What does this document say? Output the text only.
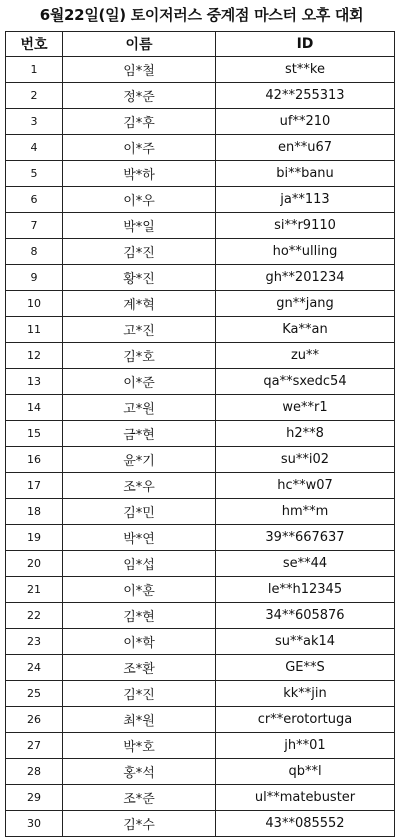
6월22일(일) 토이저러스 중계점 마스터 오후 대회
번호	이름	ID
1	임*철	st**ke
2	정*준	42**255313
3	김*후	uf**210
4	이*주	en**u67
5	박*하	bi**banu
6	이*우	ja**113
7	박*일	si**r9110
8	김*진	ho**ulling
9	황*진	gh**201234
10	계*혁	gn**jang
11	고*진	Ka**an
12	김*호	zu**
13	이*준	qa**sxedc54
14	고*원	we**r1
15	금*현	h2**8
16	윤*기	su**i02
17	조*우	hc**w07
18	김*민	hm**m
19	박*연	39**667637
20	임*섭	se**44
21	이*훈	le**h12345
22	김*현	34**605876
23	이*학	su**ak14
24	조*환	GE**S
25	김*진	kk**jin
26	최*원	cr**erotortuga
27	박*호	jh**01
28	홍*석	qb**l
29	조*준	ul**matebuster
30	김*수	43**085552
